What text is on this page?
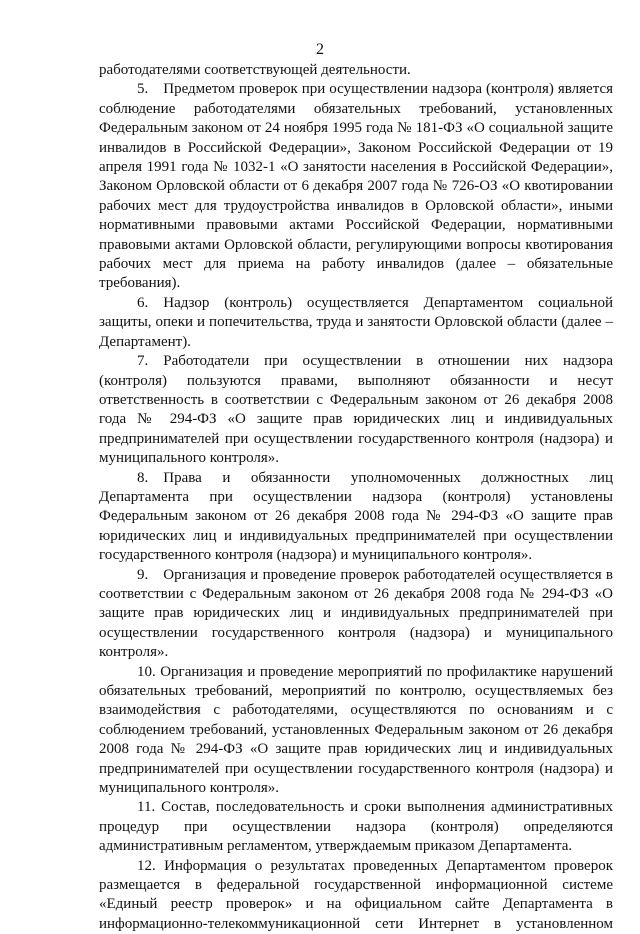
2

работодателями соответствующей деятельности.

5. Предметом проверок при осуществлении надзора (контроля) является соблюдение работодателями обязательных требований, установленных Федеральным законом от 24 ноября 1995 года № 181-ФЗ «О социальной защите инвалидов в Российской Федерации», Законом Российской Федерации от 19 апреля 1991 года № 1032-1 «О занятости населения в Российской Федерации», Законом Орловской области от 6 декабря 2007 года № 726-ОЗ «О квотировании рабочих мест для трудоустройства инвалидов в Орловской области», иными нормативными правовыми актами Российской Федерации, нормативными правовыми актами Орловской области, регулирующими вопросы квотирования рабочих мест для приема на работу инвалидов (далее – обязательные требования).

6. Надзор (контроль) осуществляется Департаментом социальной защиты, опеки и попечительства, труда и занятости Орловской области (далее – Департамент).

7. Работодатели при осуществлении в отношении них надзора (контроля) пользуются правами, выполняют обязанности и несут ответственность в соответствии с Федеральным законом от 26 декабря 2008 года № 294-ФЗ «О защите прав юридических лиц и индивидуальных предпринимателей при осуществлении государственного контроля (надзора) и муниципального контроля».

8. Права и обязанности уполномоченных должностных лиц Департамента при осуществлении надзора (контроля) установлены Федеральным законом от 26 декабря 2008 года № 294-ФЗ «О защите прав юридических лиц и индивидуальных предпринимателей при осуществлении государственного контроля (надзора) и муниципального контроля».

9. Организация и проведение проверок работодателей осуществляется в соответствии с Федеральным законом от 26 декабря 2008 года № 294-ФЗ «О защите прав юридических лиц и индивидуальных предпринимателей при осуществлении государственного контроля (надзора) и муниципального контроля».

10. Организация и проведение мероприятий по профилактике нарушений обязательных требований, мероприятий по контролю, осуществляемых без взаимодействия с работодателями, осуществляются по основаниям и с соблюдением требований, установленных Федеральным законом от 26 декабря 2008 года № 294-ФЗ «О защите прав юридических лиц и индивидуальных предпринимателей при осуществлении государственного контроля (надзора) и муниципального контроля».

11. Состав, последовательность и сроки выполнения административных процедур при осуществлении надзора (контроля) определяются административным регламентом, утверждаемым приказом Департамента.

12. Информация о результатах проведенных Департаментом проверок размещается в федеральной государственной информационной системе «Единый реестр проверок» и на официальном сайте Департамента в информационно-телекоммуникационной сети Интернет в установленном
